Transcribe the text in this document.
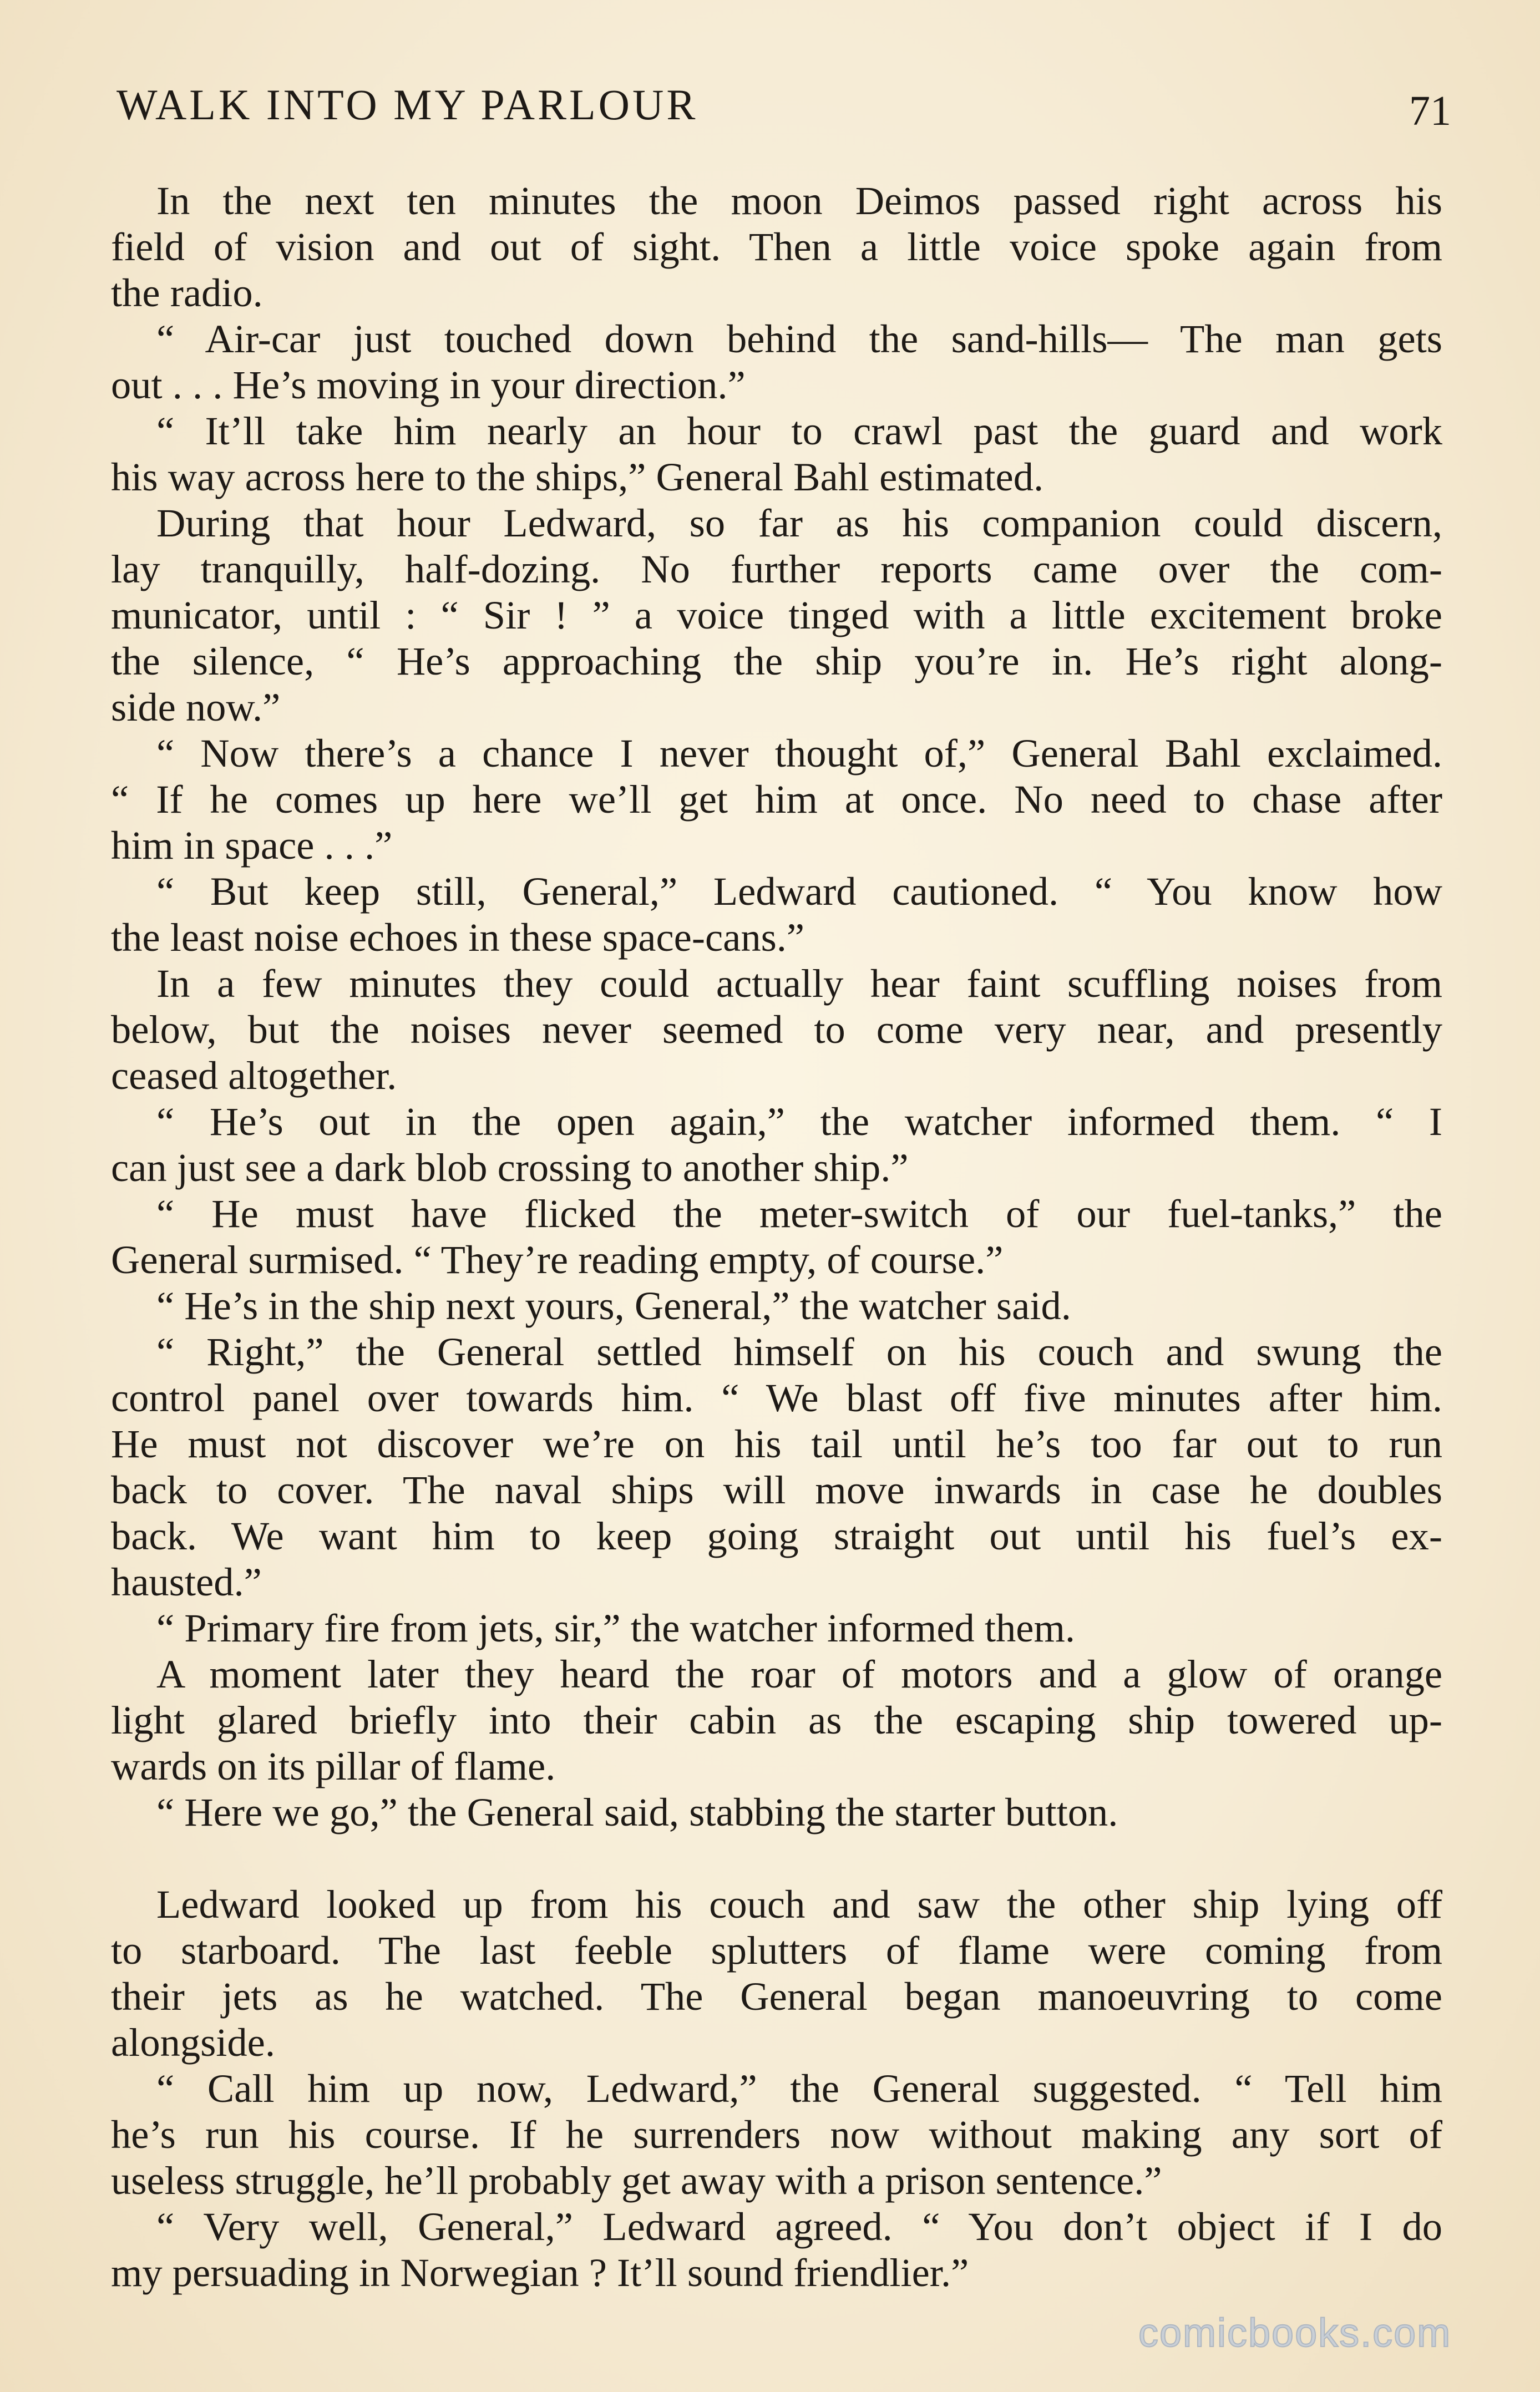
WALK INTO MY PARLOUR	71
In the next ten minutes the moon Deimos passed right across his
field of vision and out of sight. Then a little voice spoke again from
the radio.
“ Air-car just touched down behind the sand-hills— The man gets
out . . . He’s moving in your direction.”
“ It’ll take him nearly an hour to crawl past the guard and work
his way across here to the ships,” General Bahl estimated.
During that hour Ledward, so far as his companion could discern,
lay tranquilly, half-dozing. No further reports came over the com-
municator, until : “ Sir ! ” a voice tinged with a little excitement broke
the silence, “ He’s approaching the ship you’re in. He’s right along-
side now.”
“ Now there’s a chance I never thought of,” General Bahl exclaimed.
“ If he comes up here we’ll get him at once. No need to chase after
him in space . . .”
“ But keep still, General,” Ledward cautioned. “ You know how
the least noise echoes in these space-cans.”
In a few minutes they could actually hear faint scuffling noises from
below, but the noises never seemed to come very near, and presently
ceased altogether.
“ He’s out in the open again,” the watcher informed them. “ I
can just see a dark blob crossing to another ship.”
“ He must have flicked the meter-switch of our fuel-tanks,” the
General surmised. “ They’re reading empty, of course.”
“ He’s in the ship next yours, General,” the watcher said.
“ Right,” the General settled himself on his couch and swung the
control panel over towards him. “ We blast off five minutes after him.
He must not discover we’re on his tail until he’s too far out to run
back to cover. The naval ships will move inwards in case he doubles
back. We want him to keep going straight out until his fuel’s ex-
hausted.”
“ Primary fire from jets, sir,” the watcher informed them.
A moment later they heard the roar of motors and a glow of orange
light glared briefly into their cabin as the escaping ship towered up-
wards on its pillar of flame.
“ Here we go,” the General said, stabbing the starter button.
Ledward looked up from his couch and saw the other ship lying off
to starboard. The last feeble splutters of flame were coming from
their jets as he watched. The General began manoeuvring to come
alongside.
“ Call him up now, Ledward,” the General suggested. “ Tell him
he’s run his course. If he surrenders now without making any sort of
useless struggle, he’ll probably get away with a prison sentence.”
“ Very well, General,” Ledward agreed. “ You don’t object if I do
my persuading in Norwegian ? It’ll sound friendlier.”
comicbooks.com
